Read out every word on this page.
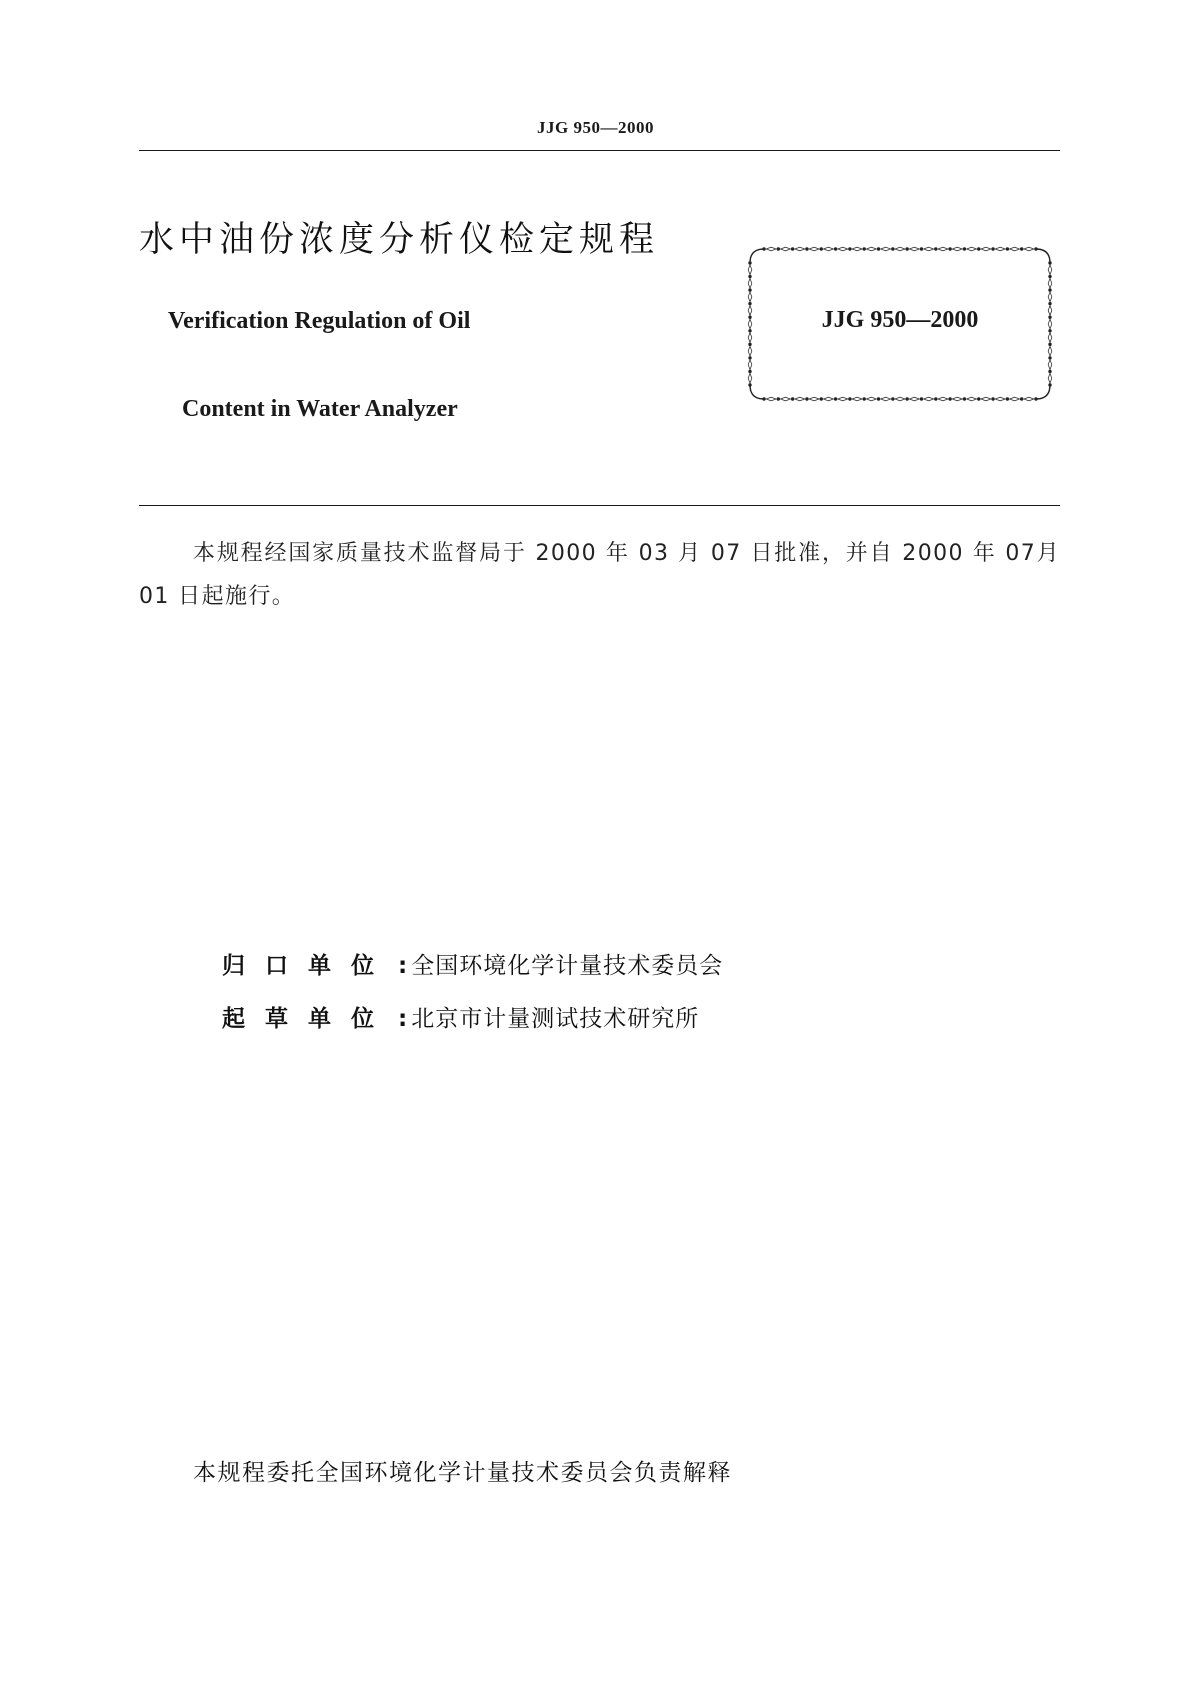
JJG 950—2000
水中油份浓度分析仪检定规程
Verification Regulation of Oil
Content in Water Analyzer
JJG 950—2000
本规程经国家质量技术监督局于 2000 年 03 月 07 日批准，并自 2000 年 07月 01 日起施行。
归口单位 : 全国环境化学计量技术委员会
起草单位 : 北京市计量测试技术研究所
本规程委托全国环境化学计量技术委员会负责解释
